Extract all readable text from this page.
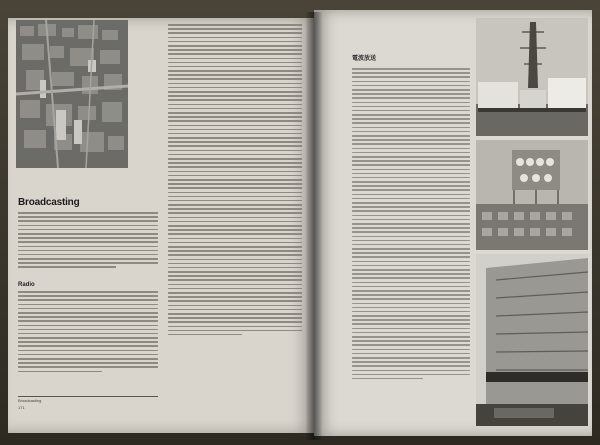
Broadcasting
Radio
Broadcasting
171
電波放送
